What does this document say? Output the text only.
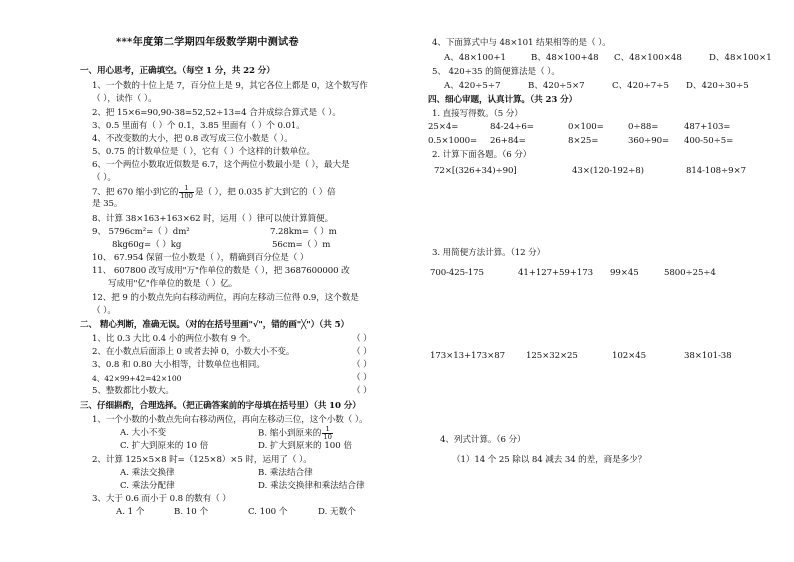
***年度第二学期四年级数学期中测试卷
一、用心思考，正确填空。（每空 1 分，共 22 分）
1、一个数的十位上是 7，百分位上是 9，其它各位上都是 0，这个数写作
（ ），读作（ ）。
2、把 15×6=90,90-38=52,52÷13=4 合并成综合算式是（ ）。
3、0.5 里面有（ ）个 0.1，3.85 里面有（ ）个 0.01。
4、不改变数的大小，把 0.8 改写成三位小数是（ ）。
5、0.75 的计数单位是（ ），它有（ ）个这样的计数单位。
6、一个两位小数取近似数是 6.7，这个两位小数最小是（ ），最大是
（ ）。
7、把 670 缩小到它的 $\frac{1}{100}$ 是（ ），把 0.035 扩大到它的（ ）倍
是 35。
8、计算 38×163+163×62 时，运用（ ）律可以使计算简便。
9、 5796cm²=（ ）dm²	7.28km=（ ）m
8kg60g=（ ）kg	56cm=（ ）m
10、 67.954 保留一位小数是（ ），精确到百分位是（ ）
11、 607800 改写成用"万"作单位的数是（ ），把 3687600000 改
写成用"亿"作单位的数是（ ）亿。
12、把 9 的小数点先向右移动两位，再向左移动三位得 0.9，这个数是
（ ）。
二、 精心判断，准确无误。（对的在括号里画"√"，错的画"╳"）（共 5）
1、比 0.3 大比 0.4 小的两位小数有 9 个。	（ ）
2、在小数点后面添上 0 或者去掉 0，小数大小不变。	（ ）
3、0.8 和 0.80 大小相等，计数单位也相同。	（ ）
4、42×99+42=42×100	（ ）
5、整数都比小数大。	（ ）
三、仔细斟酌，合理选择。（把正确答案前的字母填在括号里）（共 10 分）
1、一个小数的小数点先向右移动两位，再向左移动三位，这个小数（ ）。
A. 大小不变	B. 缩小到原来的 $\frac{1}{10}$
C. 扩大到原来的 10 倍	D. 扩大到原来的 100 倍
2、计算 125×5×8 时=（125×8）×5 时，运用了（ ）。
A. 乘法交换律	B. 乘法结合律
C. 乘法分配律	D. 乘法交换律和乘法结合律
3、大于 0.6 而小于 0.8 的数有（ ）
A. 1 个	B. 10 个	C. 100 个	D. 无数个
4、下面算式中与 48×101 结果相等的是（ ）。
A、48×100+1	B、48×100+48 C、48×100×48	D、48×100×1
5、 420÷35 的简便算法是（ ）。
A、420÷5÷7	B、420÷5×7	C、420÷7÷5 D、420÷30÷5
四、细心审题，认真计算。（共 23 分）
1. 直接写得数。（5 分）
25×4=	84-24÷6=	0×100=	0÷88=	487+103=
0.5×1000= 26+84=	8×25=	360÷90= 400-50÷5=
2. 计算下面各题。（6 分）
72×[(326+34)÷90]	43×(120-192÷8)	814-108÷9×7
3. 用简便方法计算。（12 分）
700-425-175	41+127+59+173 99×45	5800÷25÷4
173×13+173×87 125×32×25	102×45	38×101-38
4、列式计算。（6 分）
（1）14 个 25 除以 84 减去 34 的差，商是多少？
